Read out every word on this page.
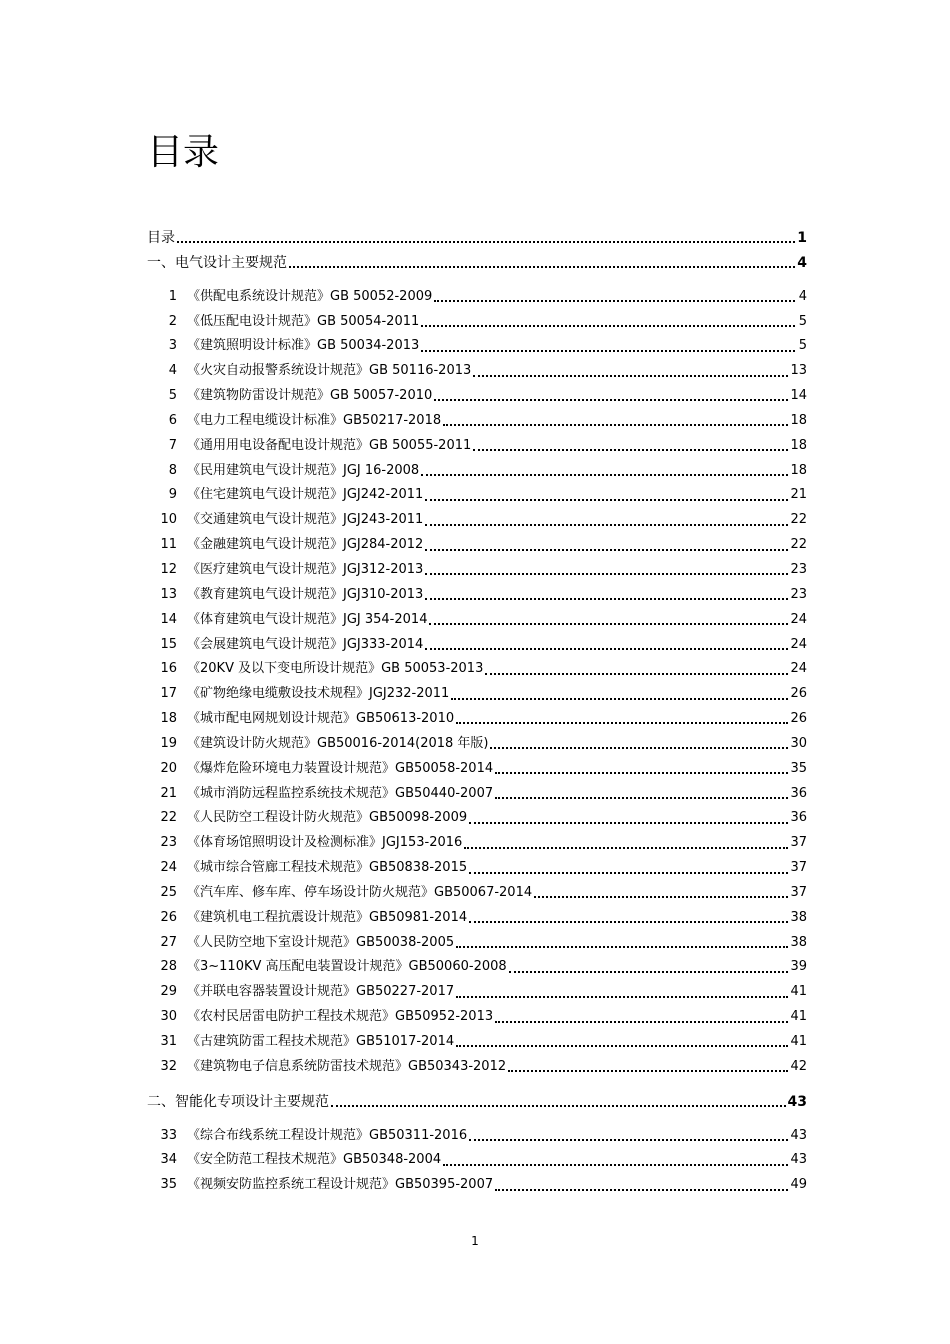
目录
目录	1
一、电气设计主要规范	4
1 《供配电系统设计规范》GB 50052-2009	4
2 《低压配电设计规范》GB 50054-2011	5
3 《建筑照明设计标准》GB 50034-2013	5
4 《火灾自动报警系统设计规范》GB 50116-2013	13
5 《建筑物防雷设计规范》GB 50057-2010	14
6 《电力工程电缆设计标准》GB50217-2018	18
7 《通用用电设备配电设计规范》GB 50055-2011	18
8 《民用建筑电气设计规范》JGJ 16-2008	18
9 《住宅建筑电气设计规范》JGJ242-2011	21
10 《交通建筑电气设计规范》JGJ243-2011	22
11 《金融建筑电气设计规范》JGJ284-2012	22
12 《医疗建筑电气设计规范》JGJ312-2013	23
13 《教育建筑电气设计规范》JGJ310-2013	23
14 《体育建筑电气设计规范》JGJ 354-2014	24
15 《会展建筑电气设计规范》JGJ333-2014	24
16 《20KV 及以下变电所设计规范》GB 50053-2013	24
17 《矿物绝缘电缆敷设技术规程》JGJ232-2011	26
18 《城市配电网规划设计规范》GB50613-2010	26
19 《建筑设计防火规范》GB50016-2014(2018 年版)	30
20 《爆炸危险环境电力装置设计规范》GB50058-2014	35
21 《城市消防远程监控系统技术规范》GB50440-2007	36
22 《人民防空工程设计防火规范》GB50098-2009	36
23 《体育场馆照明设计及检测标准》JGJ153-2016	37
24 《城市综合管廊工程技术规范》GB50838-2015	37
25 《汽车库、修车库、停车场设计防火规范》GB50067-2014	37
26 《建筑机电工程抗震设计规范》GB50981-2014	38
27 《人民防空地下室设计规范》GB50038-2005	38
28 《3~110KV 高压配电装置设计规范》GB50060-2008	39
29 《并联电容器装置设计规范》GB50227-2017	41
30 《农村民居雷电防护工程技术规范》GB50952-2013	41
31 《古建筑防雷工程技术规范》GB51017-2014	41
32 《建筑物电子信息系统防雷技术规范》GB50343-2012	42
二、智能化专项设计主要规范	43
33 《综合布线系统工程设计规范》GB50311-2016	43
34 《安全防范工程技术规范》GB50348-2004	43
35 《视频安防监控系统工程设计规范》GB50395-2007	49
1
